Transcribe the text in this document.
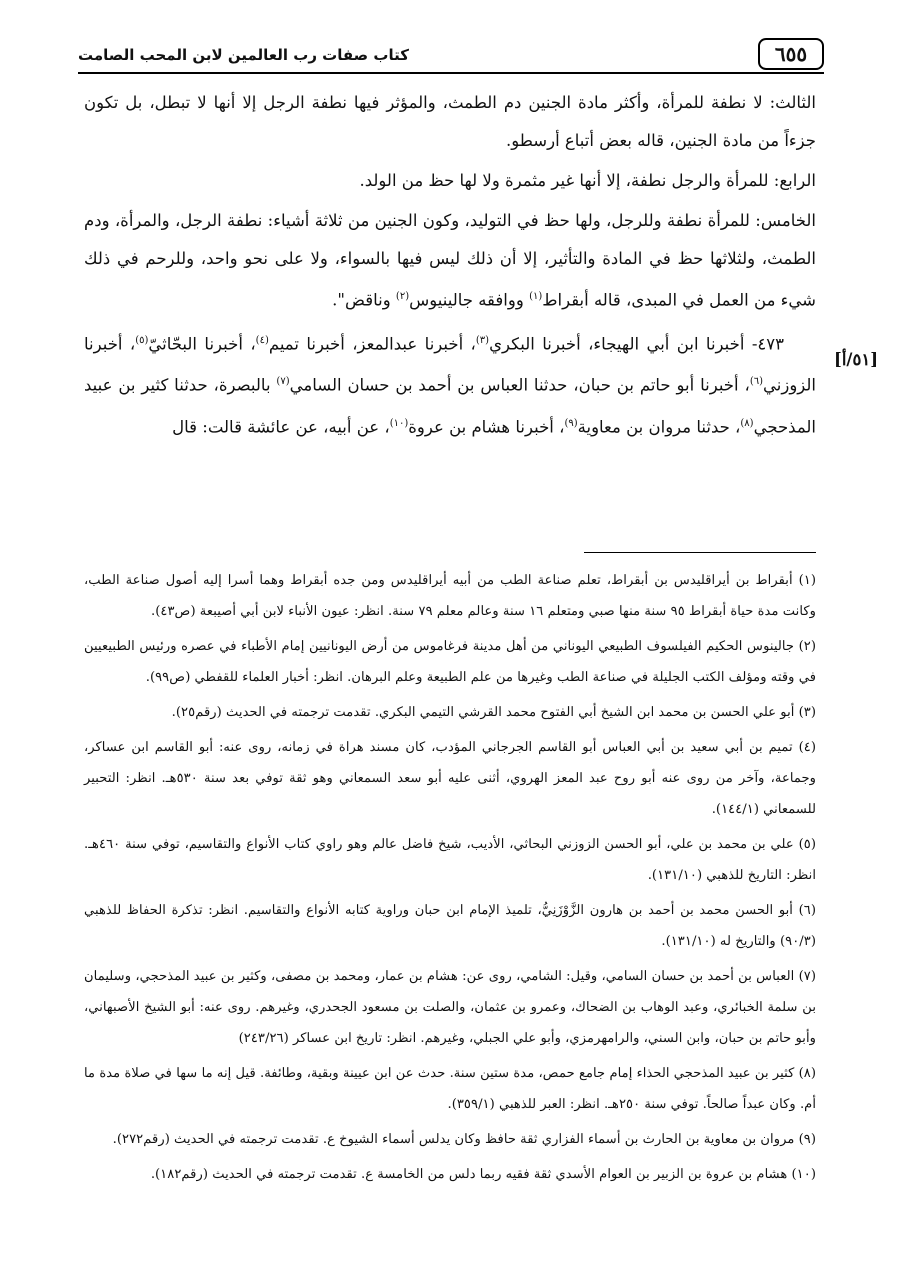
٦٥٥
كتاب صفات رب العالمين لابن المحب الصامت
[٥١/أ]

الثالث: لا نطفة للمرأة، وأكثر مادة الجنين دم الطمث، والمؤثر فيها نطفة الرجل إلا أنها لا تبطل، بل تكون جزءاً من مادة الجنين، قاله بعض أتباع أرسطو.

الرابع: للمرأة والرجل نطفة، إلا أنها غير مثمرة ولا لها حظ من الولد.

الخامس: للمرأة نطفة وللرجل، ولها حظ في التوليد، وكون الجنين من ثلاثة أشياء: نطفة الرجل، والمرأة، ودم الطمث، ولثلاثها حظ في المادة والتأثير، إلا أن ذلك ليس فيها بالسواء، ولا على نحو واحد، وللرحم في ذلك شيء من العمل في المبدى، قاله أبقراط$^{(١)}$ ووافقه جالينيوس$^{(٢)}$ وناقض".

٤٧٣- أخبرنا ابن أبي الهيجاء، أخبرنا البكري$^{(٣)}$، أخبرنا عبدالمعز، أخبرنا تميم$^{(٤)}$، أخبرنا البحّاثيّ$^{(٥)}$، أخبرنا الزوزني$^{(٦)}$، أخبرنا أبو حاتم بن حبان، حدثنا العباس بن أحمد بن حسان السامي$^{(٧)}$ بالبصرة، حدثنا كثير بن عبيد المذحجي$^{(٨)}$، حدثنا مروان بن معاوية$^{(٩)}$، أخبرنا هشام بن عروة$^{(١٠)}$، عن أبيه، عن عائشة قالت: قال

(١) أبقراط بن أيراقليدس بن أبقراط، تعلم صناعة الطب من أبيه أيراقليدس ومن جده أبقراط وهما أسرا إليه أصول صناعة الطب، وكانت مدة حياة أبقراط ٩٥ سنة منها صبي ومتعلم ١٦ سنة وعالم معلم ٧٩ سنة. انظر: عيون الأنباء لابن أبي أصيبعة (ص٤٣).

(٢) جالينوس الحكيم الفيلسوف الطبيعي اليوناني من أهل مدينة فرغاموس من أرض اليونانيين إمام الأطباء في عصره ورئيس الطبيعيين في وقته ومؤلف الكتب الجليلة في صناعة الطب وغيرها من علم الطبيعة وعلم البرهان. انظر: أخبار العلماء للقفطي (ص٩٩).

(٣) أبو علي الحسن بن محمد ابن الشيخ أبي الفتوح محمد القرشي التيمي البكري. تقدمت ترجمته في الحديث (رقم٢٥).

(٤) تميم بن أبي سعيد بن أبي العباس أبو القاسم الجرجاني المؤدب، كان مسند هراة في زمانه، روى عنه: أبو القاسم ابن عساكر، وجماعة، وآخر من روى عنه أبو روح عبد المعز الهروي، أثنى عليه أبو سعد السمعاني وهو ثقة توفي بعد سنة ٥٣٠هـ. انظر: التحبير للسمعاني (١٤٤/١).

(٥) علي بن محمد بن علي، أبو الحسن الزوزني البحاثي، الأديب، شيخ فاضل عالم وهو راوي كتاب الأنواع والتقاسيم، توفي سنة ٤٦٠هـ. انظر: التاريخ للذهبي (١٣١/١٠).

(٦) أبو الحسن محمد بن أحمد بن هارون الزَّوْزَنِيُّ، تلميذ الإمام ابن حبان وراوية كتابه الأنواع والتقاسيم. انظر: تذكرة الحفاظ للذهبي (٩٠/٣) والتاريخ له (١٣١/١٠).

(٧) العباس بن أحمد بن حسان السامي، وقيل: الشامي، روى عن: هشام بن عمار، ومحمد بن مصفى، وكثير بن عبيد المذحجي، وسليمان بن سلمة الخبائري، وعبد الوهاب بن الضحاك، وعمرو بن عثمان، والصلت بن مسعود الجحدري، وغيرهم. روى عنه: أبو الشيخ الأصبهاني، وأبو حاتم بن حبان، وابن السني، والرامهرمزي، وأبو علي الجبلي، وغيرهم. انظر: تاريخ ابن عساكر (٢٤٣/٢٦)

(٨) كثير بن عبيد المذحجي الحذاء إمام جامع حمص، مدة ستين سنة. حدث عن ابن عيينة وبقية، وطائفة. قيل إنه ما سها في صلاة مدة ما أم. وكان عبداً صالحاً. توفي سنة ٢٥٠هـ. انظر: العبر للذهبي (٣٥٩/١).

(٩) مروان بن معاوية بن الحارث بن أسماء الفزاري ثقة حافظ وكان يدلس أسماء الشيوخ ع. تقدمت ترجمته في الحديث (رقم٢٧٢).

(١٠) هشام بن عروة بن الزبير بن العوام الأسدي ثقة فقيه ربما دلس من الخامسة ع. تقدمت ترجمته في الحديث (رقم١٨٢).
